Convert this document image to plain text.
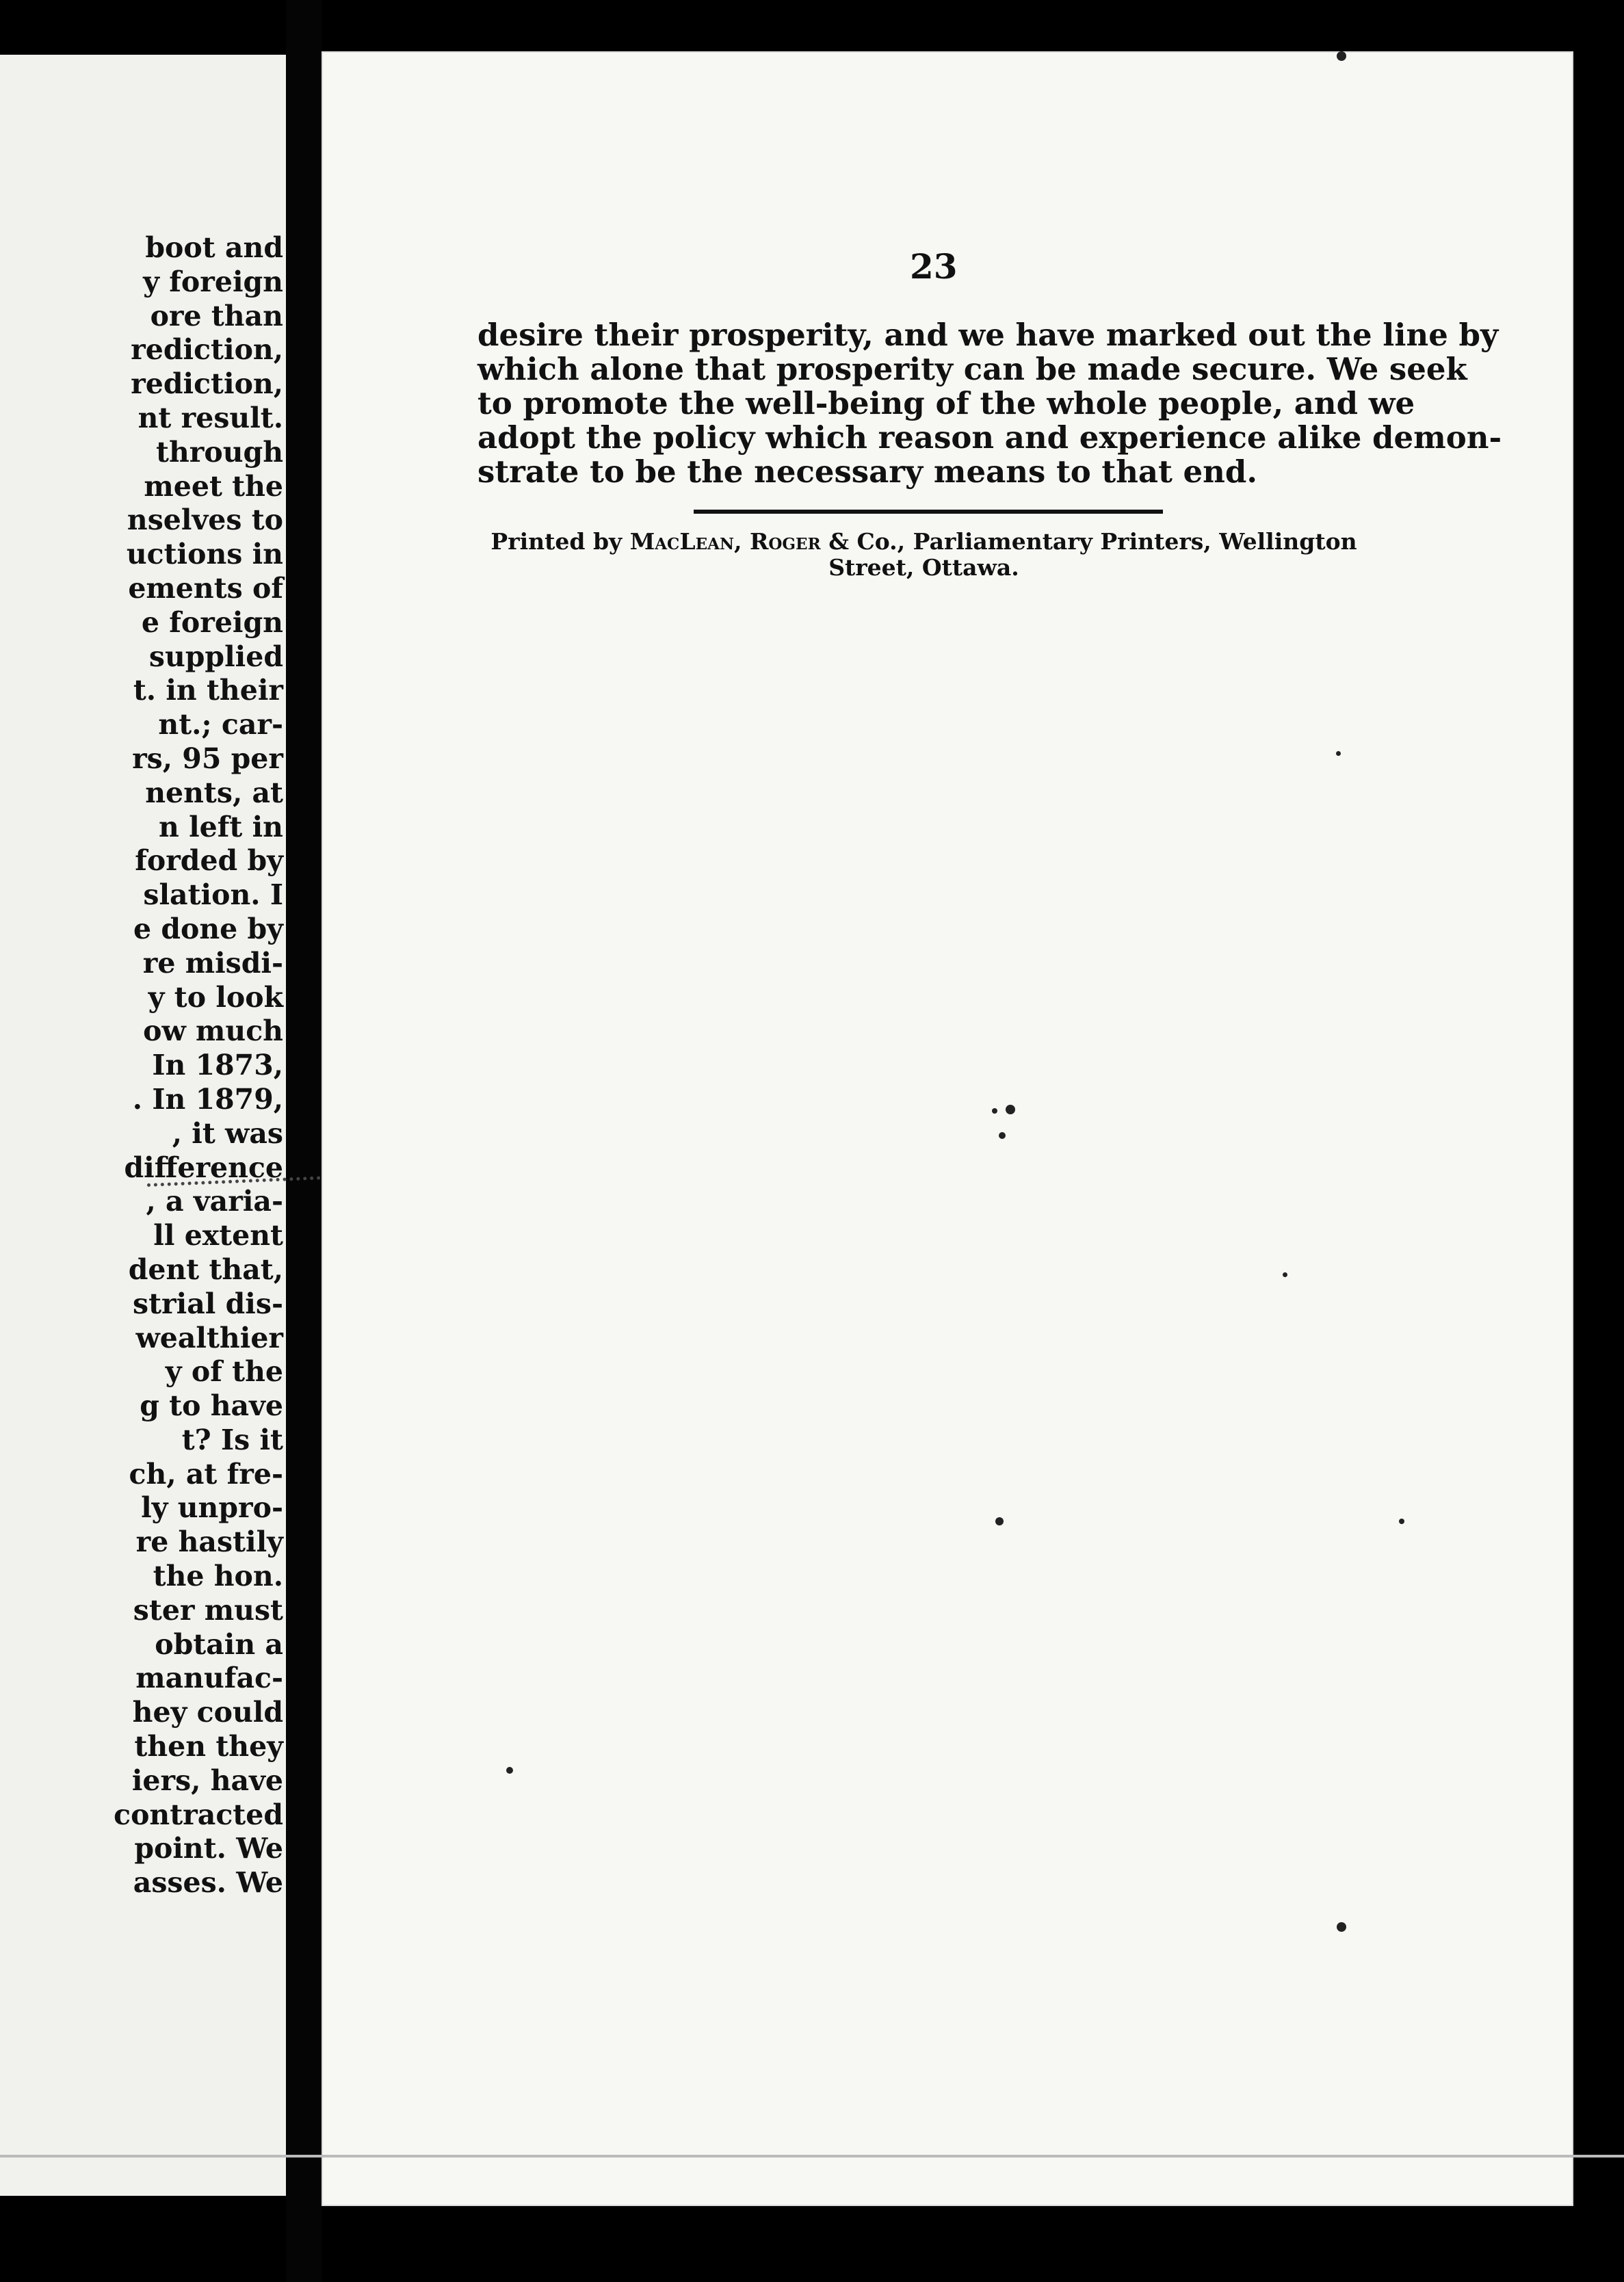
boot and
y foreign
ore than
rediction,
rediction,
nt result.
through
meet the
nselves to
uctions in
ements of
e foreign
supplied
t. in their
nt.; car-
rs, 95 per
nents, at
n left in
forded by
slation. I
e done by
re misdi-
y to look
ow much
In 1873,
. In 1879,
, it was
difference
, a varia-
ll extent
dent that,
strial dis-
wealthier
y of the
g to have
t? Is it
ch, at fre-
ly unpro-
re hastily
the hon.
ster must
obtain a
manufac-
hey could
then they
iers, have
contracted
point. We
asses. We
23
desire their prosperity, and we have marked out the line by
which alone that prosperity can be made secure. We seek
to promote the well-being of the whole people, and we
adopt the policy which reason and experience alike demon-
strate to be the necessary means to that end.
Printed by MacLean, Roger & Co., Parliamentary Printers, Wellington
Street, Ottawa.
